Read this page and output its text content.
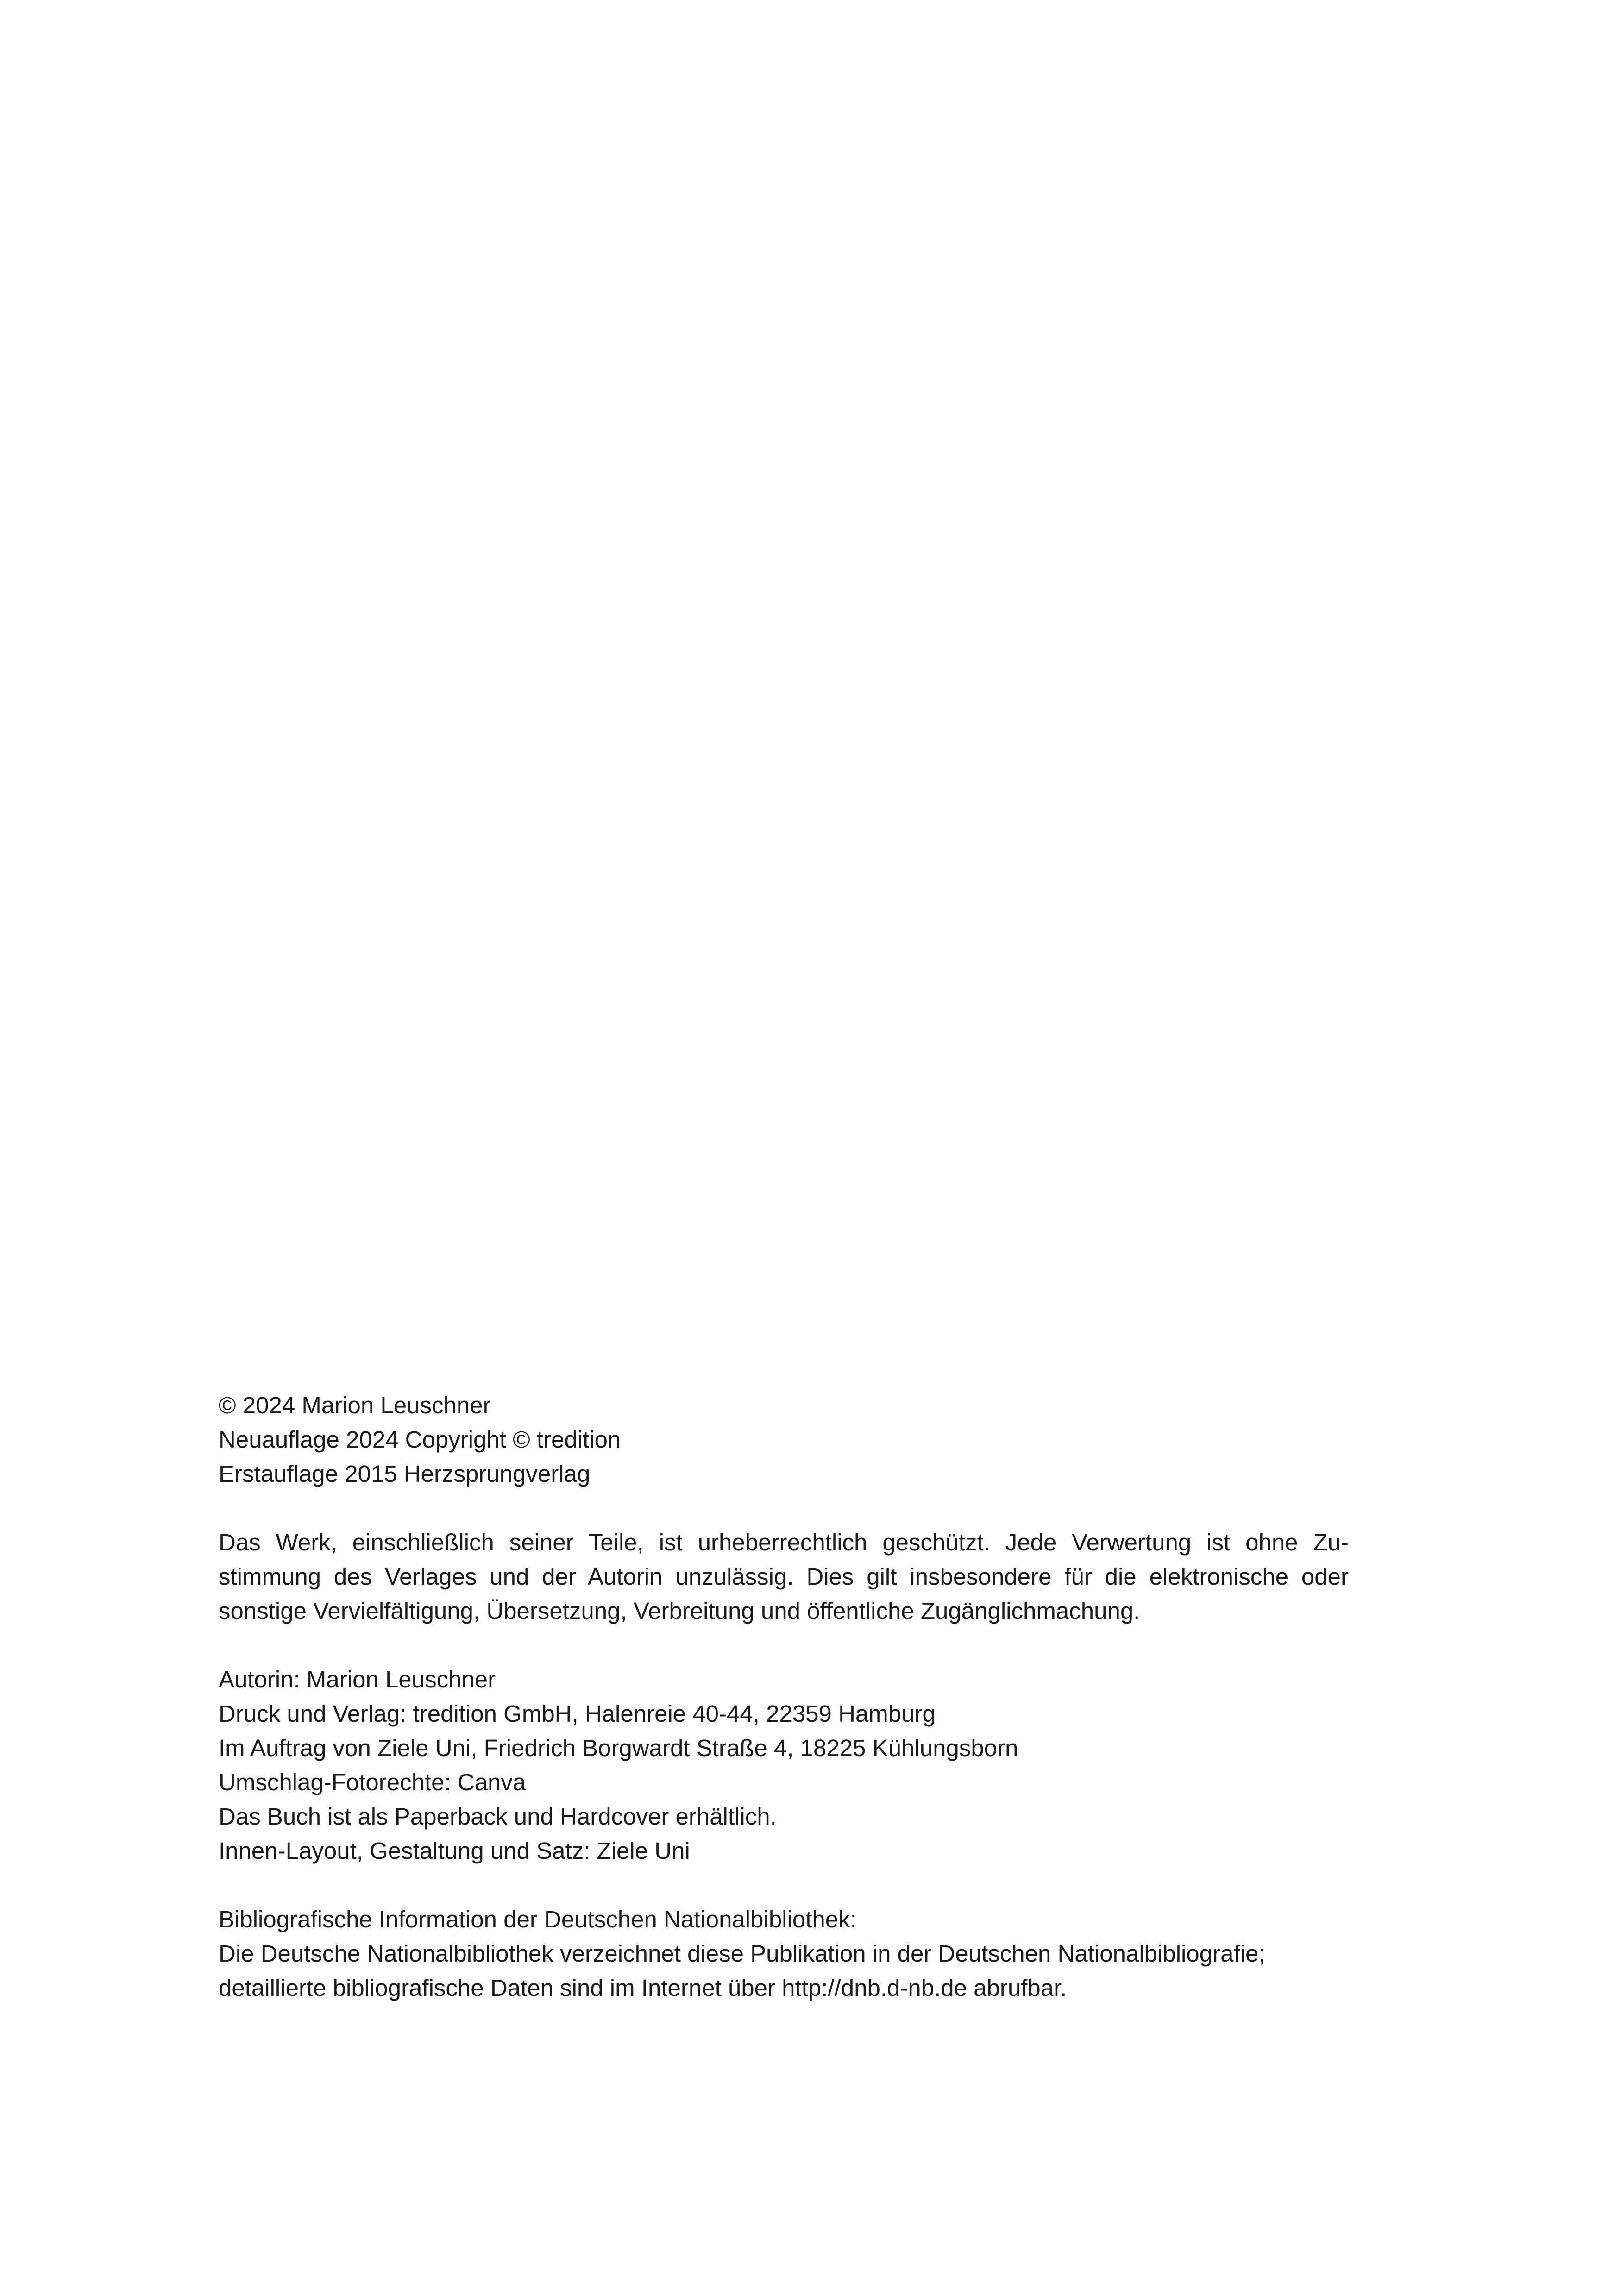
© 2024 Marion Leuschner

Neuauflage 2024 Copyright © tredition

Erstauflage 2015 Herzsprungverlag

Das Werk, einschließlich seiner Teile, ist urheberrechtlich geschützt. Jede Verwertung ist ohne Zu-

stimmung des Verlages und der Autorin unzulässig. Dies gilt insbesondere für die elektronische oder

sonstige Vervielfältigung, Übersetzung, Verbreitung und öffentliche Zugänglichmachung.

Autorin: Marion Leuschner

Druck und Verlag: tredition GmbH, Halenreie 40-44, 22359 Hamburg

Im Auftrag von Ziele Uni, Friedrich Borgwardt Straße 4, 18225 Kühlungsborn

Umschlag-Fotorechte: Canva

Das Buch ist als Paperback und Hardcover erhältlich.

Innen-Layout, Gestaltung und Satz: Ziele Uni

Bibliografische Information der Deutschen Nationalbibliothek:

Die Deutsche Nationalbibliothek verzeichnet diese Publikation in der Deutschen Nationalbibliografie;

detaillierte bibliografische Daten sind im Internet über http://dnb.d-nb.de abrufbar.
